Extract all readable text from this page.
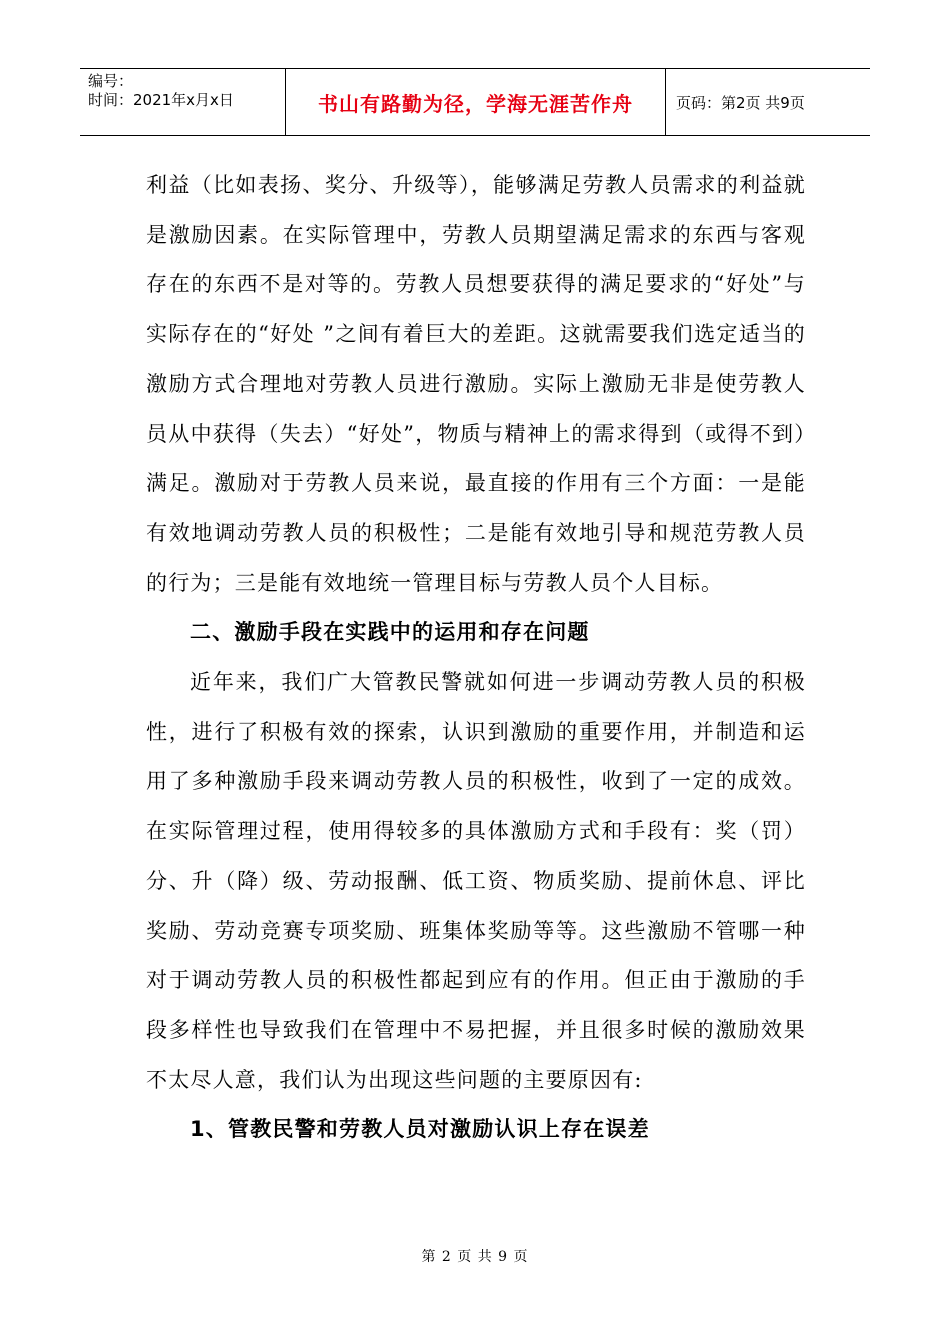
编号：
时间：2021年x月x日	书山有路勤为径，学海无涯苦作舟	页码：第2页 共9页

利益（比如表扬、奖分、升级等），能够满足劳教人员需求的利益就是激励因素。在实际管理中，劳教人员期望满足需求的东西与客观存在的东西不是对等的。劳教人员想要获得的满足要求的“好处”与实际存在的“好处 ”之间有着巨大的差距。这就需要我们选定适当的激励方式合理地对劳教人员进行激励。实际上激励无非是使劳教人员从中获得（失去）“好处”，物质与精神上的需求得到（或得不到）满足。激励对于劳教人员来说，最直接的作用有三个方面：一是能有效地调动劳教人员的积极性；二是能有效地引导和规范劳教人员的行为；三是能有效地统一管理目标与劳教人员个人目标。

二、激励手段在实践中的运用和存在问题

近年来，我们广大管教民警就如何进一步调动劳教人员的积极性，进行了积极有效的探索，认识到激励的重要作用，并制造和运用了多种激励手段来调动劳教人员的积极性，收到了一定的成效。在实际管理过程，使用得较多的具体激励方式和手段有：奖（罚）分、升（降）级、劳动报酬、低工资、物质奖励、提前休息、评比奖励、劳动竞赛专项奖励、班集体奖励等等。这些激励不管哪一种对于调动劳教人员的积极性都起到应有的作用。但正由于激励的手段多样性也导致我们在管理中不易把握，并且很多时候的激励效果不太尽人意，我们认为出现这些问题的主要原因有:

1、管教民警和劳教人员对激励认识上存在误差

第 2 页 共 9 页
